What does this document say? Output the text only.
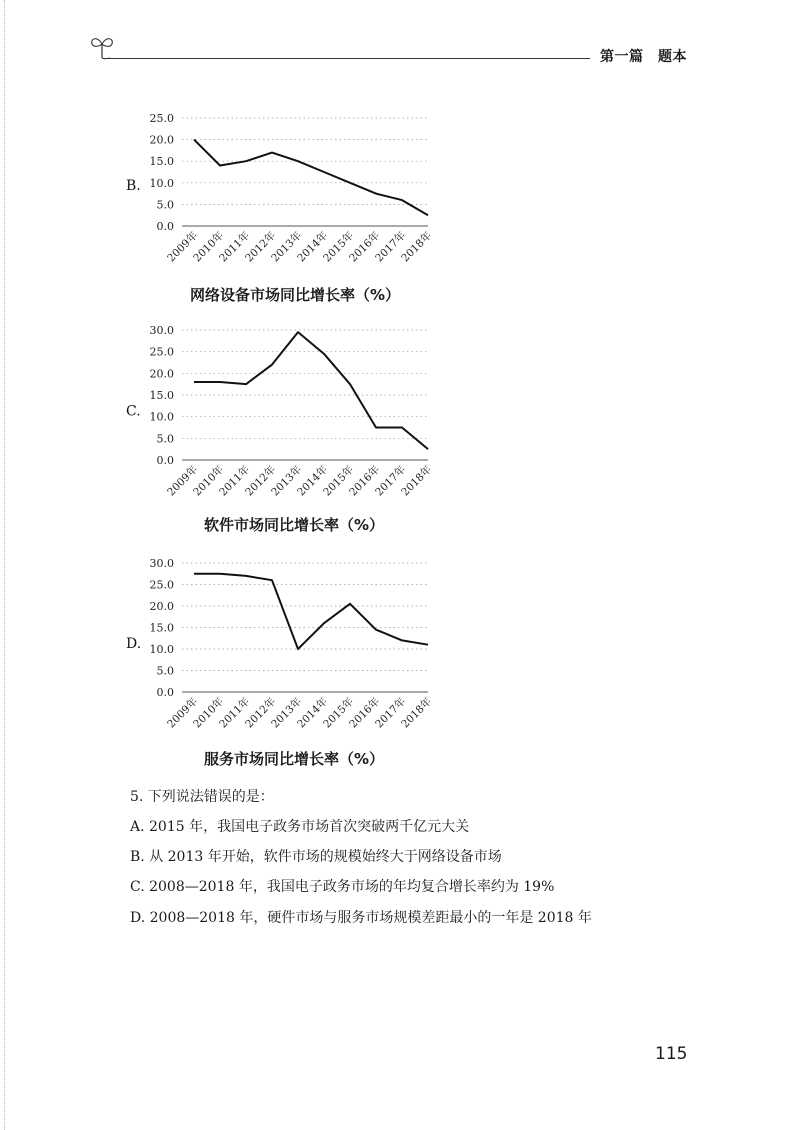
第一篇　题本
25.0
20.0
15.0
10.0
5.0
0.0
B.
2009年
2010年
2011年
2012年
2013年
2014年
2015年
2016年
2017年
2018年
网络设备市场同比增长率（%）
30.0
25.0
20.0
15.0
10.0
5.0
0.0
C.
2009年
2010年
2011年
2012年
2013年
2014年
2015年
2016年
2017年
2018年
软件市场同比增长率（%）
30.0
25.0
20.0
15.0
10.0
5.0
0.0
D.
2009年
2010年
2011年
2012年
2013年
2014年
2015年
2016年
2017年
2018年
服务市场同比增长率（%）
5. 下列说法错误的是：
A. 2015 年，我国电子政务市场首次突破两千亿元大关
B. 从 2013 年开始，软件市场的规模始终大于网络设备市场
C. 2008—2018 年，我国电子政务市场的年均复合增长率约为 19%
D. 2008—2018 年，硬件市场与服务市场规模差距最小的一年是 2018 年
115
